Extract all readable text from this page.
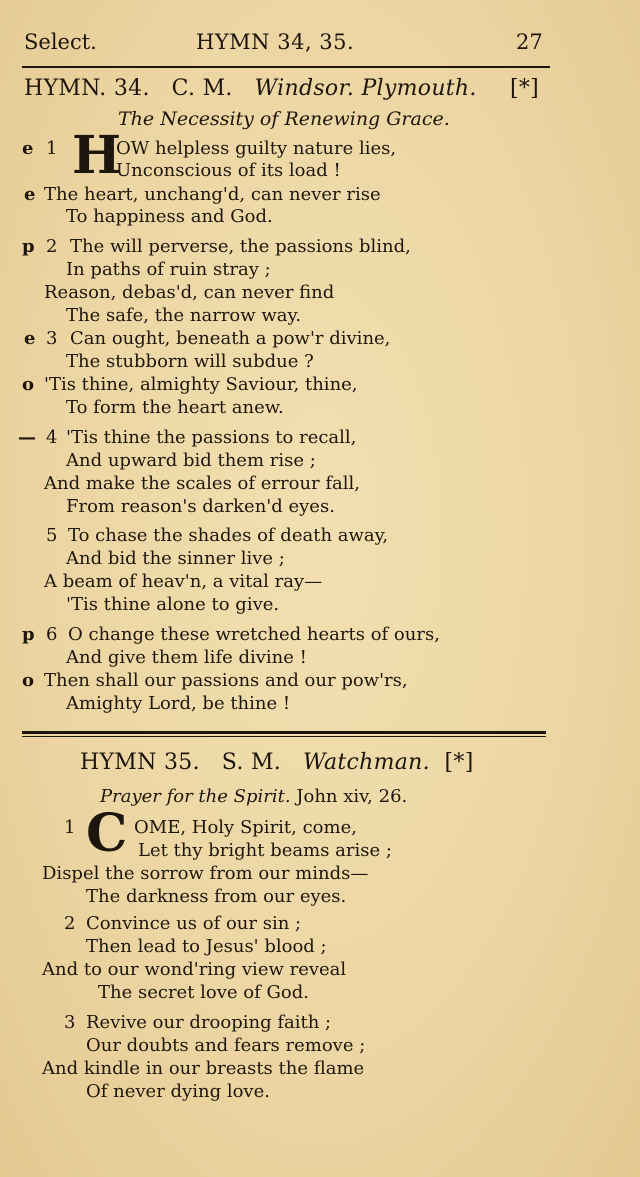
Select.	HYMN 34, 35.	27
HYMN. 34. C. M. Windsor. Plymouth. [*]
The Necessity of Renewing Grace.
e 1 H
OW helpless guilty nature lies,
Unconscious of its load !
e The heart, unchang'd, can never rise
To happiness and God.
p 2 The will perverse, the passions blind,
In paths of ruin stray ;
Reason, debas'd, can never find
The safe, the narrow way.
e 3 Can ought, beneath a pow'r divine,
The stubborn will subdue ?
o 'Tis thine, almighty Saviour, thine,
To form the heart anew.
— 4 'Tis thine the passions to recall,
And upward bid them rise ;
And make the scales of errour fall,
From reason's darken'd eyes.
5 To chase the shades of death away,
And bid the sinner live ;
A beam of heav'n, a vital ray—
'Tis thine alone to give.
p 6 O change these wretched hearts of ours,
And give them life divine !
o Then shall our passions and our pow'rs,
Amighty Lord, be thine !
HYMN 35. S. M. Watchman. [*]
Prayer for the Spirit. John xiv, 26.
1 C OME, Holy Spirit, come,
Let thy bright beams arise ;
Dispel the sorrow from our minds—
The darkness from our eyes.
2 Convince us of our sin ;
Then lead to Jesus' blood ;
And to our wond'ring view reveal
The secret love of God.
3 Revive our drooping faith ;
Our doubts and fears remove ;
And kindle in our breasts the flame
Of never dying love.
